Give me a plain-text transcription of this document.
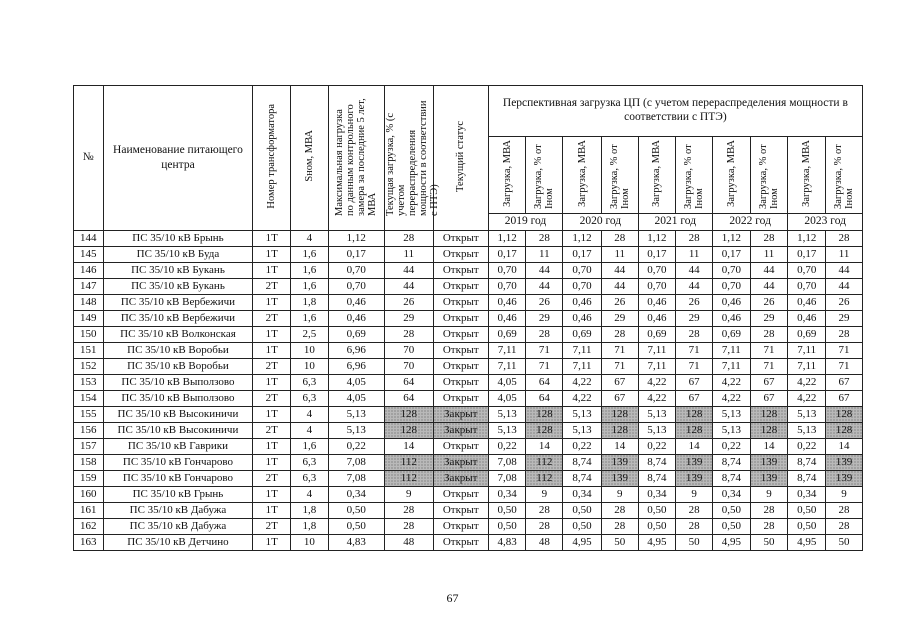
№	Наименование питающего центра	Номер трансформатора	Sном, МВА	Максимальная нагрузка по данным контрольного замера за последние 5 лет, МВА	Текущая загрузка, % (с учетом перераспределения мощности в соответствии с ПТЭ)	Текущий статус	Перспективная загрузка ЦП (с учетом перераспределения мощности в соответствии с ПТЭ)									
							Загрузка, МВА	Загрузка, % от Iном	Загрузка, МВА	Загрузка, % от Iном	Загрузка, МВА	Загрузка, % от Iном	Загрузка, МВА	Загрузка, % от Iном	Загрузка, МВА	Загрузка, % от Iном
							2019 год		2020 год		2021 год		2022 год		2023 год	
144	ПС 35/10 кВ Брынь	1Т	4	1,12	28	Открыт	1,12	28	1,12	28	1,12	28	1,12	28	1,12	28
145	ПС 35/10 кВ Буда	1Т	1,6	0,17	11	Открыт	0,17	11	0,17	11	0,17	11	0,17	11	0,17	11
146	ПС 35/10 кВ Букань	1Т	1,6	0,70	44	Открыт	0,70	44	0,70	44	0,70	44	0,70	44	0,70	44
147	ПС 35/10 кВ Букань	2Т	1,6	0,70	44	Открыт	0,70	44	0,70	44	0,70	44	0,70	44	0,70	44
148	ПС 35/10 кВ Вербежичи	1Т	1,8	0,46	26	Открыт	0,46	26	0,46	26	0,46	26	0,46	26	0,46	26
149	ПС 35/10 кВ Вербежичи	2Т	1,6	0,46	29	Открыт	0,46	29	0,46	29	0,46	29	0,46	29	0,46	29
150	ПС 35/10 кВ Волконская	1Т	2,5	0,69	28	Открыт	0,69	28	0,69	28	0,69	28	0,69	28	0,69	28
151	ПС 35/10 кВ Воробьи	1Т	10	6,96	70	Открыт	7,11	71	7,11	71	7,11	71	7,11	71	7,11	71
152	ПС 35/10 кВ Воробьи	2Т	10	6,96	70	Открыт	7,11	71	7,11	71	7,11	71	7,11	71	7,11	71
153	ПС 35/10 кВ Выползово	1Т	6,3	4,05	64	Открыт	4,05	64	4,22	67	4,22	67	4,22	67	4,22	67
154	ПС 35/10 кВ Выползово	2Т	6,3	4,05	64	Открыт	4,05	64	4,22	67	4,22	67	4,22	67	4,22	67
155	ПС 35/10 кВ Высокиничи	1Т	4	5,13	128	Закрыт	5,13	128	5,13	128	5,13	128	5,13	128	5,13	128
156	ПС 35/10 кВ Высокиничи	2Т	4	5,13	128	Закрыт	5,13	128	5,13	128	5,13	128	5,13	128	5,13	128
157	ПС 35/10 кВ Гаврики	1Т	1,6	0,22	14	Открыт	0,22	14	0,22	14	0,22	14	0,22	14	0,22	14
158	ПС 35/10 кВ Гончарово	1Т	6,3	7,08	112	Закрыт	7,08	112	8,74	139	8,74	139	8,74	139	8,74	139
159	ПС 35/10 кВ Гончарово	2Т	6,3	7,08	112	Закрыт	7,08	112	8,74	139	8,74	139	8,74	139	8,74	139
160	ПС 35/10 кВ Грынь	1Т	4	0,34	9	Открыт	0,34	9	0,34	9	0,34	9	0,34	9	0,34	9
161	ПС 35/10 кВ Дабужа	1Т	1,8	0,50	28	Открыт	0,50	28	0,50	28	0,50	28	0,50	28	0,50	28
162	ПС 35/10 кВ Дабужа	2Т	1,8	0,50	28	Открыт	0,50	28	0,50	28	0,50	28	0,50	28	0,50	28
163	ПС 35/10 кВ Детчино	1Т	10	4,83	48	Открыт	4,83	48	4,95	50	4,95	50	4,95	50	4,95	50
67
